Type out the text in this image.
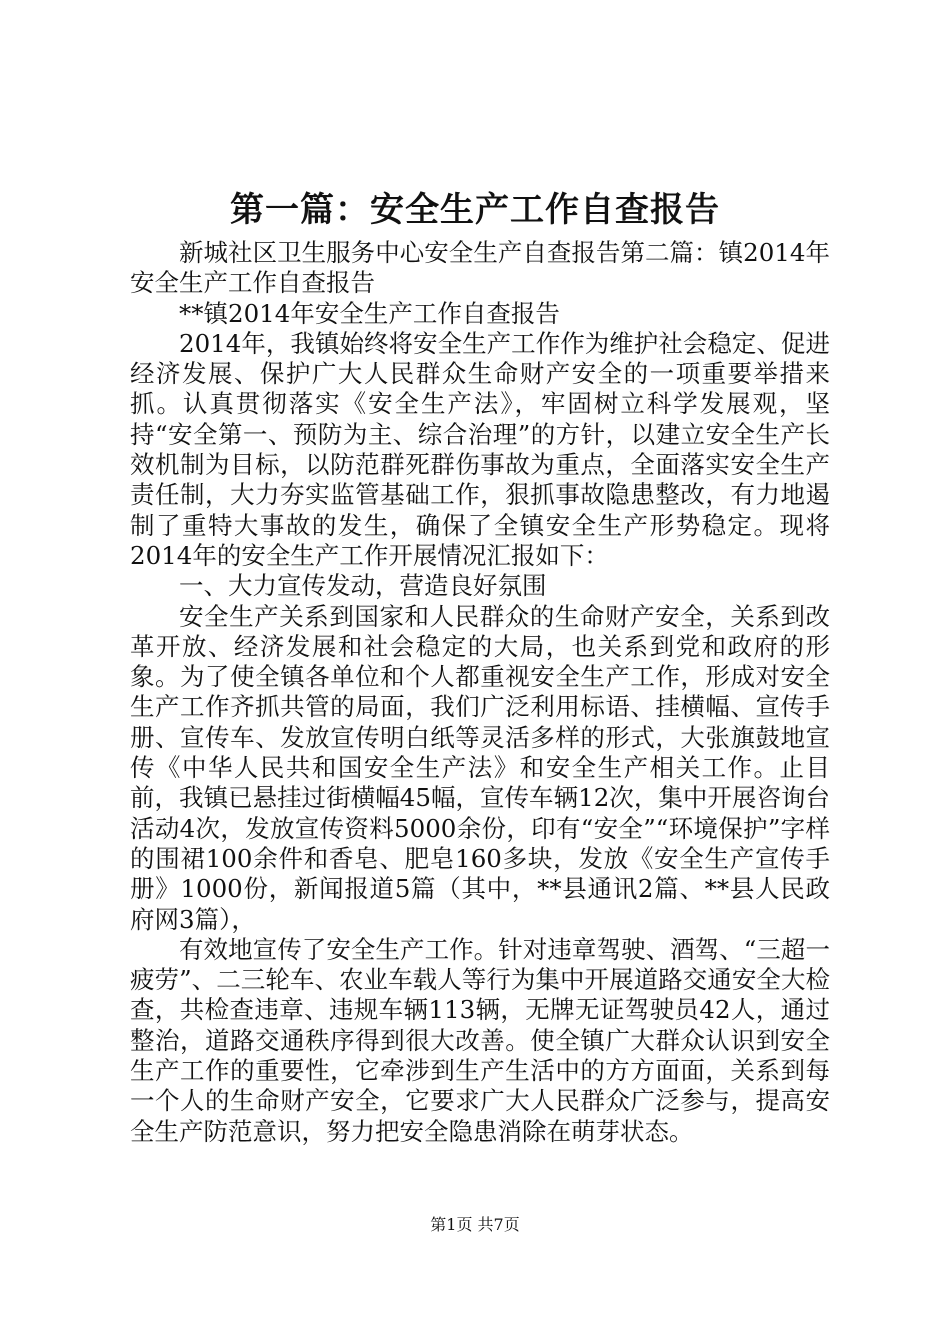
第一篇：安全生产工作自查报告

新城社区卫生服务中心安全生产自查报告第二篇：镇2014年安全生产工作自查报告

**镇2014年安全生产工作自查报告

2014年，我镇始终将安全生产工作作为维护社会稳定、促进经济发展、保护广大人民群众生命财产安全的一项重要举措来抓。认真贯彻落实《安全生产法》，牢固树立科学发展观，坚持“安全第一、预防为主、综合治理”的方针，以建立安全生产长效机制为目标，以防范群死群伤事故为重点，全面落实安全生产责任制，大力夯实监管基础工作，狠抓事故隐患整改，有力地遏制了重特大事故的发生，确保了全镇安全生产形势稳定。现将2014年的安全生产工作开展情况汇报如下：

一、大力宣传发动，营造良好氛围

安全生产关系到国家和人民群众的生命财产安全，关系到改革开放、经济发展和社会稳定的大局，也关系到党和政府的形象。为了使全镇各单位和个人都重视安全生产工作，形成对安全生产工作齐抓共管的局面，我们广泛利用标语、挂横幅、宣传手册、宣传车、发放宣传明白纸等灵活多样的形式，大张旗鼓地宣传《中华人民共和国安全生产法》和安全生产相关工作。止目前，我镇已悬挂过街横幅45幅，宣传车辆12次，集中开展咨询台活动4次，发放宣传资料5000余份，印有“安全”“环境保护”字样的围裙100余件和香皂、肥皂160多块，发放《安全生产宣传手册》1000份，新闻报道5篇（其中，**县通讯2篇、**县人民政府网3篇），

有效地宣传了安全生产工作。针对违章驾驶、酒驾、“三超一疲劳”、二三轮车、农业车载人等行为集中开展道路交通安全大检查，共检查违章、违规车辆113辆，无牌无证驾驶员42人，通过整治，道路交通秩序得到很大改善。使全镇广大群众认识到安全生产工作的重要性，它牵涉到生产生活中的方方面面，关系到每一个人的生命财产安全，它要求广大人民群众广泛参与，提高安全生产防范意识，努力把安全隐患消除在萌芽状态。

第1页 共7页
